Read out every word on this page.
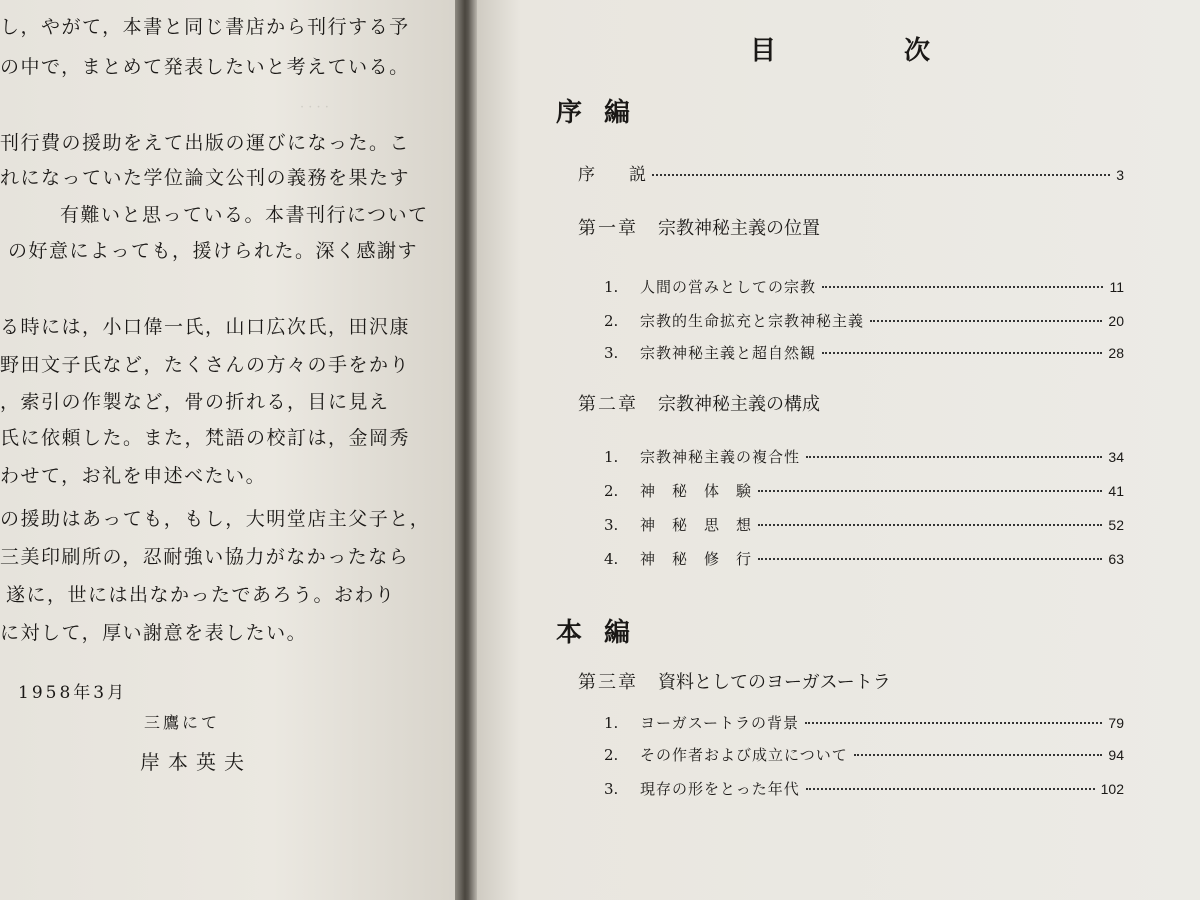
· · · ·
し，やがて，本書と同じ書店から刊行する予
の中で，まとめて発表したいと考えている。
刊行費の援助をえて出版の運びになった。こ
れになっていた学位論文公刊の義務を果たす
有難いと思っている。本書刊行について
の好意によっても，援けられた。深く感謝す
る時には，小口偉一氏，山口広次氏，田沢康
野田文子氏など，たくさんの方々の手をかり
，索引の作製など，骨の折れる，目に見え
氏に依頼した。また，梵語の校訂は，金岡秀
わせて，お礼を申述べたい。
の援助はあっても，もし，大明堂店主父子と，
三美印刷所の，忍耐強い協力がなかったなら
遂に，世には出なかったであろう。おわり
に対して，厚い謝意を表したい。
1958年3月
三鷹にて
岸本英夫
目	次
序編
序　　説	3
第一章 宗教神秘主義の位置
1.	人間の営みとしての宗教	11
2.	宗教的生命拡充と宗教神秘主義	20
3.	宗教神秘主義と超自然観	28
第二章 宗教神秘主義の構成
1.	宗教神秘主義の複合性	34
2.	神　秘　体　験	41
3.	神　秘　思　想	52
4.	神　秘　修　行	63
本編
第三章 資料としてのヨーガスートラ
1.	ヨーガスートラの背景	79
2.	その作者および成立について	94
3.	現存の形をとった年代	102
